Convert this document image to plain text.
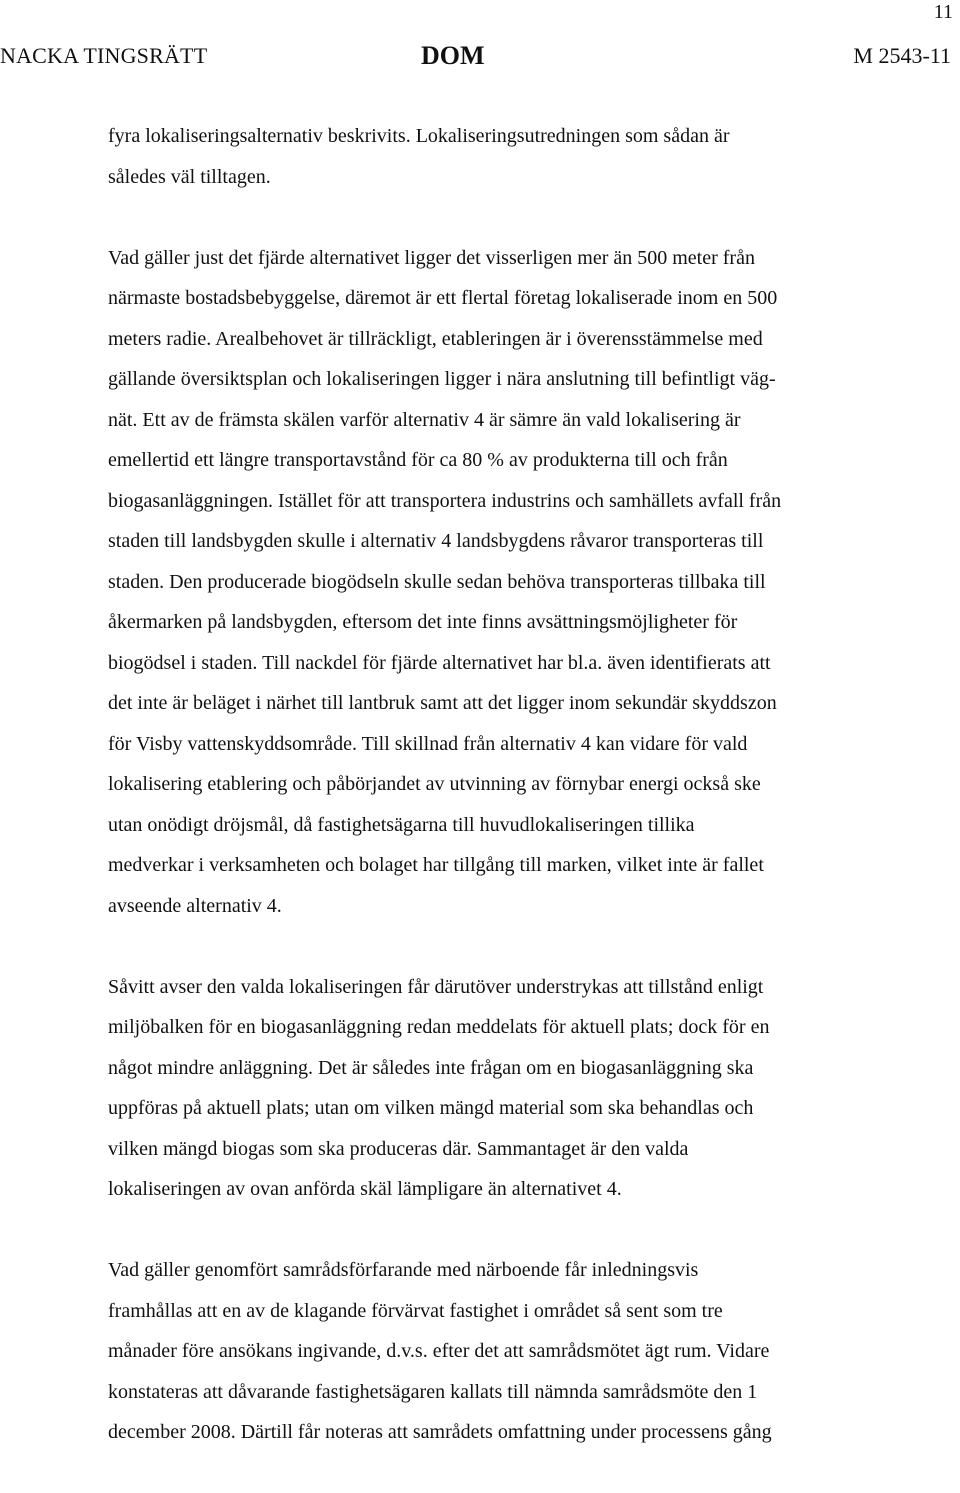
11
NACKA TINGSRÄTT	DOM	M 2543-11

fyra lokaliseringsalternativ beskrivits. Lokaliseringsutredningen som sådan är
således väl tilltagen.

Vad gäller just det fjärde alternativet ligger det visserligen mer än 500 meter från
närmaste bostadsbebyggelse, däremot är ett flertal företag lokaliserade inom en 500
meters radie. Arealbehovet är tillräckligt, etableringen är i överensstämmelse med
gällande översiktsplan och lokaliseringen ligger i nära anslutning till befintligt väg-
nät. Ett av de främsta skälen varför alternativ 4 är sämre än vald lokalisering är
emellertid ett längre transportavstånd för ca 80 % av produkterna till och från
biogasanläggningen. Istället för att transportera industrins och samhällets avfall från
staden till landsbygden skulle i alternativ 4 landsbygdens råvaror transporteras till
staden. Den producerade biogödseln skulle sedan behöva transporteras tillbaka till
åkermarken på landsbygden, eftersom det inte finns avsättningsmöjligheter för
biogödsel i staden. Till nackdel för fjärde alternativet har bl.a. även identifierats att
det inte är beläget i närhet till lantbruk samt att det ligger inom sekundär skyddszon
för Visby vattenskyddsområde. Till skillnad från alternativ 4 kan vidare för vald
lokalisering etablering och påbörjandet av utvinning av förnybar energi också ske
utan onödigt dröjsmål, då fastighetsägarna till huvudlokaliseringen tillika
medverkar i verksamheten och bolaget har tillgång till marken, vilket inte är fallet
avseende alternativ 4.

Såvitt avser den valda lokaliseringen får därutöver understrykas att tillstånd enligt
miljöbalken för en biogasanläggning redan meddelats för aktuell plats; dock för en
något mindre anläggning. Det är således inte frågan om en biogasanläggning ska
uppföras på aktuell plats; utan om vilken mängd material som ska behandlas och
vilken mängd biogas som ska produceras där. Sammantaget är den valda
lokaliseringen av ovan anförda skäl lämpligare än alternativet 4.

Vad gäller genomfört samrådsförfarande med närboende får inledningsvis
framhållas att en av de klagande förvärvat fastighet i området så sent som tre
månader före ansökans ingivande, d.v.s. efter det att samrådsmötet ägt rum. Vidare
konstateras att dåvarande fastighetsägaren kallats till nämnda samrådsmöte den 1
december 2008. Därtill får noteras att samrådets omfattning under processens gång
